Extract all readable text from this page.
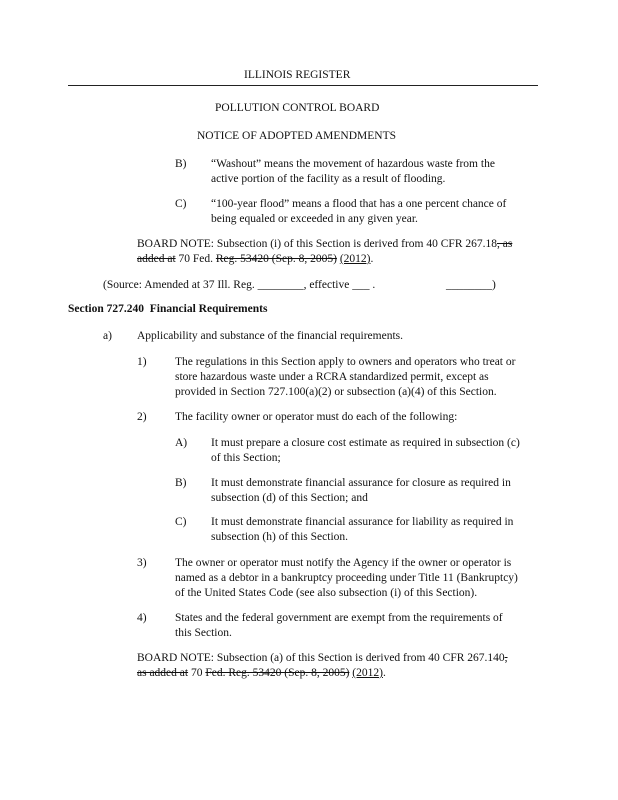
ILLINOIS REGISTER
POLLUTION CONTROL BOARD
NOTICE OF ADOPTED AMENDMENTS
B) “Washout” means the movement of hazardous waste from the
active portion of the facility as a result of flooding.
C) “100-year flood” means a flood that has a one percent chance of
being equaled or exceeded in any given year.
BOARD NOTE: Subsection (i) of this Section is derived from 40 CFR 267.18, as
added at 70 Fed. Reg. 53420 (Sep. 8, 2005) (2012).
(Source: Amended at 37 Ill. Reg. ________, effective ___ .	________)
Section 727.240 Financial Requirements
a) Applicability and substance of the financial requirements.
1) The regulations in this Section apply to owners and operators who treat or
store hazardous waste under a RCRA standardized permit, except as
provided in Section 727.100(a)(2) or subsection (a)(4) of this Section.
2) The facility owner or operator must do each of the following:
A) It must prepare a closure cost estimate as required in subsection (c)
of this Section;
B) It must demonstrate financial assurance for closure as required in
subsection (d) of this Section; and
C) It must demonstrate financial assurance for liability as required in
subsection (h) of this Section.
3) The owner or operator must notify the Agency if the owner or operator is
named as a debtor in a bankruptcy proceeding under Title 11 (Bankruptcy)
of the United States Code (see also subsection (i) of this Section).
4) States and the federal government are exempt from the requirements of
this Section.
BOARD NOTE: Subsection (a) of this Section is derived from 40 CFR 267.140,
as added at 70 Fed. Reg. 53420 (Sep. 8, 2005) (2012).
